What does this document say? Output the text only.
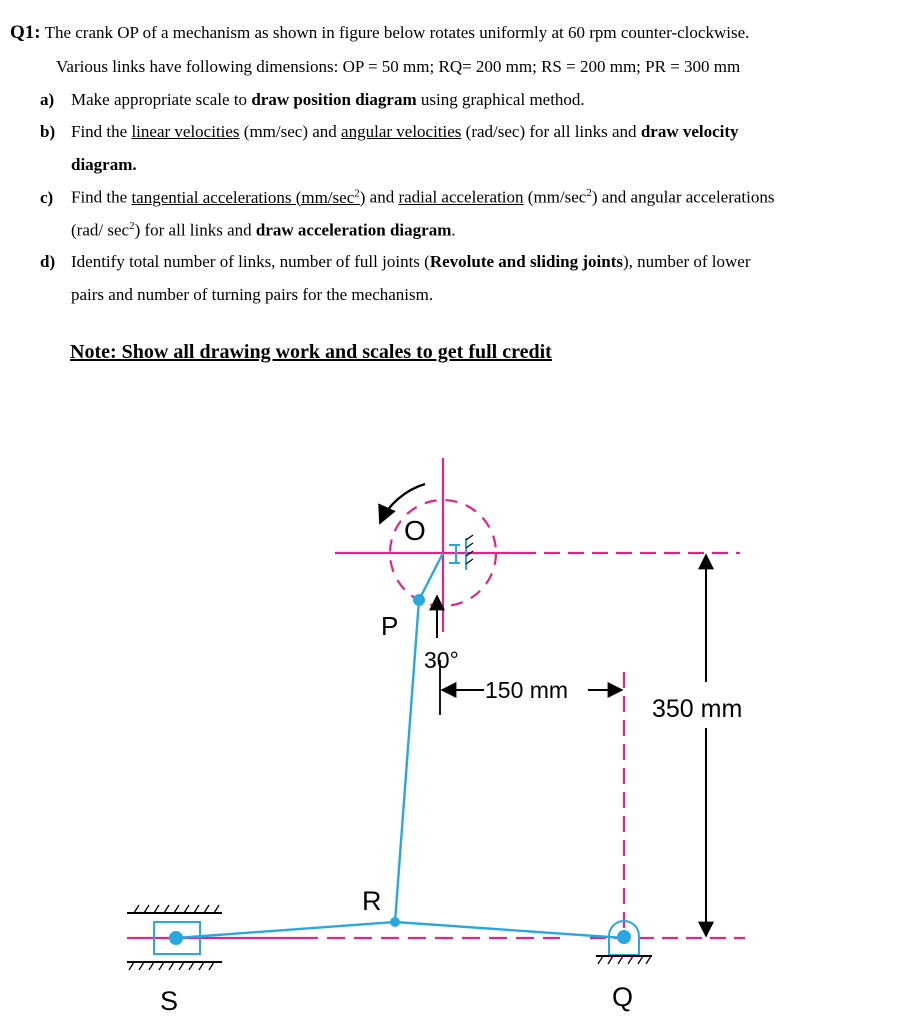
Q1: The crank OP of a mechanism as shown in figure below rotates uniformly at 60 rpm counter-clockwise.
Various links have following dimensions: OP = 50 mm; RQ= 200 mm; RS = 200 mm; PR = 300 mm
a) Make appropriate scale to draw position diagram using graphical method.
b) Find the linear velocities (mm/sec) and angular velocities (rad/sec) for all links and draw velocity
diagram.
c) Find the tangential accelerations $(mm/\sec^2)$ and radial acceleration $(mm/\sec^2)$ and angular accelerations
(rad/ $\sec^2$) for all links and draw acceleration diagram.
d) Identify total number of links, number of full joints (Revolute and sliding joints), number of lower
pairs and number of turning pairs for the mechanism.
Note: Show all drawing work and scales to get full credit
O
P
30°
150 mm
350 mm
R
S	Q
